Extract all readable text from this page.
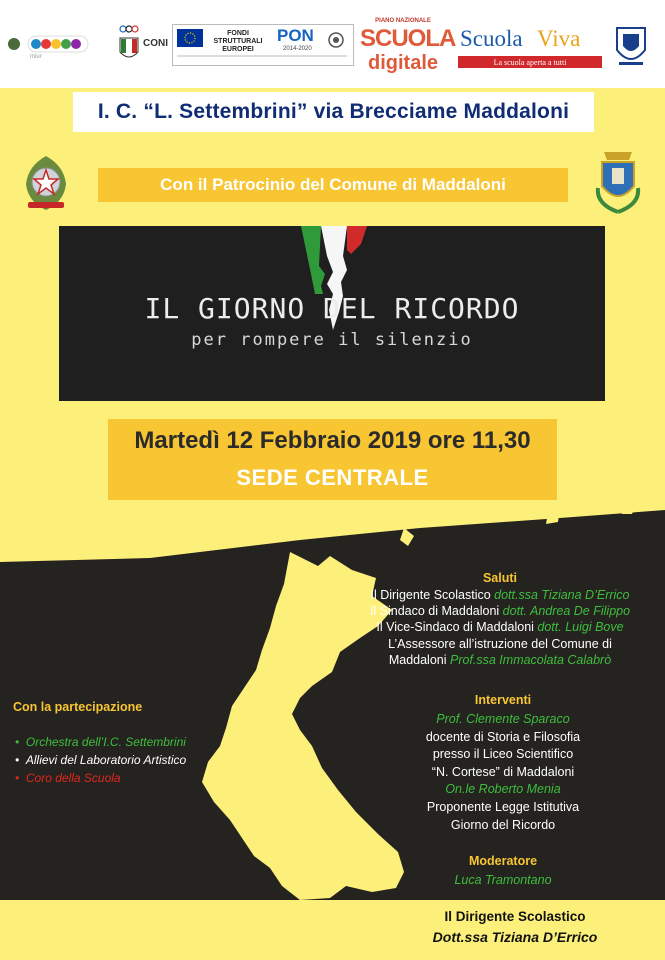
miur
CONI
FONDI STRUTTURALI EUROPEI
PON
2014-2020
PIANO NAZIONALE
SCUOLA
digitale
Scuola Viva
La scuola aperta a tutti
I. C. “L. Settembrini” via Brecciame Maddaloni
Con il Patrocinio del Comune di Maddaloni
IL GIORNO DEL RICORDO
per rompere il silenzio
Martedì 12 Febbraio 2019 ore 11,30
SEDE CENTRALE
Saluti
Il Dirigente Scolastico dott.ssa Tiziana D’Errico
Il Sindaco di Maddaloni dott. Andrea De Filippo
Il Vice-Sindaco di Maddaloni dott. Luigi Bove
L’Assessore all’istruzione del Comune di
Maddaloni Prof.ssa Immacolata Calabrò
Interventi
Prof. Clemente Sparaco
docente di Storia e Filosofia
presso il Liceo Scientifico
“N. Cortese” di Maddaloni
On.le Roberto Menia
Proponente Legge Istitutiva
Giorno del Ricordo
Moderatore
Luca Tramontano
Con la partecipazione
•  Orchestra dell’I.C. Settembrini
•  Allievi del Laboratorio Artistico
•  Coro della Scuola
Il Dirigente Scolastico
Dott.ssa Tiziana D’Errico
